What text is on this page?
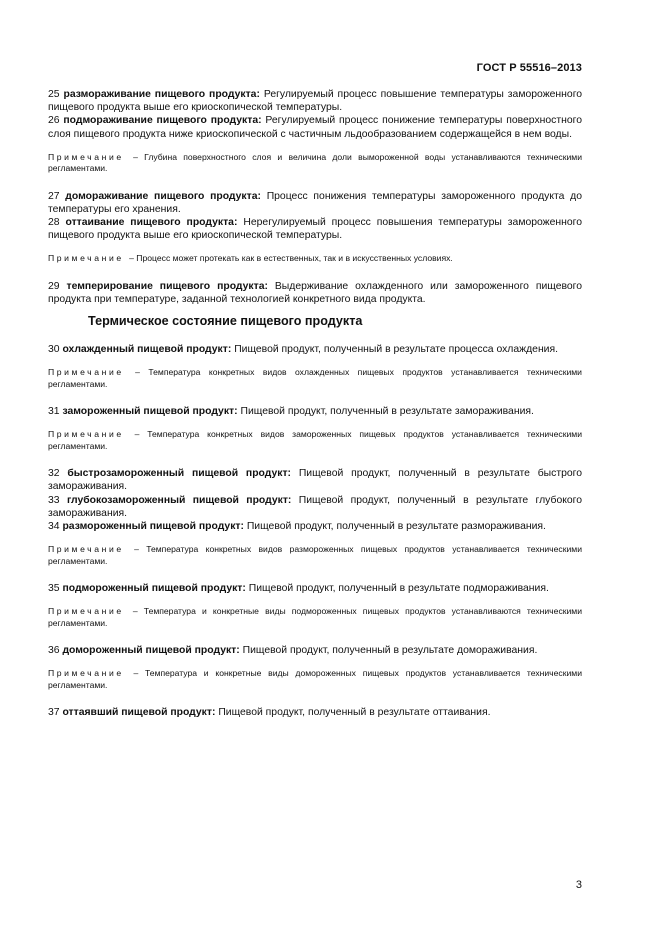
ГОСТ Р 55516–2013

25 размораживание пищевого продукта: Регулируемый процесс повышение температуры замороженного пищевого продукта выше его криоскопической температуры.

26 подмораживание пищевого продукта: Регулируемый процесс понижение температуры поверхностного слоя пищевого продукта ниже криоскопической с частичным льдообразованием содержащейся в нем воды.

Примечание – Глубина поверхностного слоя и величина доли вымороженной воды устанавливаются техническими регламентами.

27 доморaживание пищевого продукта: Процесс понижения температуры замороженного продукта до температуры его хранения.

28 оттаивание пищевого продукта: Нерегулируемый процесс повышения температуры замороженного пищевого продукта выше его криоскопической температуры.

Примечание – Процесс может протекать как в естественных, так и в искусственных условиях.

29 темперирование пищевого продукта: Выдерживание охлажденного или замороженного пищевого продукта при температуре, заданной технологией конкретного вида продукта.

Термическое состояние пищевого продукта

30 охлажденный пищевой продукт: Пищевой продукт, полученный в результате процесса охлаждения.

Примечание – Температура конкретных видов охлажденных пищевых продуктов устанавливается техническими регламентами.

31 замороженный пищевой продукт: Пищевой продукт, полученный в результате замораживания.

Примечание – Температура конкретных видов замороженных пищевых продуктов устанавливается техническими регламентами.

32 быстрозамороженный пищевой продукт: Пищевой продукт, полученный в результате быстрого замораживания.

33 глубокозамороженный пищевой продукт: Пищевой продукт, полученный в результате глубокого замораживания.

34 размороженный пищевой продукт: Пищевой продукт, полученный в результате размораживания.

Примечание – Температура конкретных видов размороженных пищевых продуктов устанавливается техническими регламентами.

35 подмороженный пищевой продукт: Пищевой продукт, полученный в результате подмораживания.

Примечание – Температура и конкретные виды подмороженных пищевых продуктов устанавливаются техническими регламентами.

36 доморoженный пищевой продукт: Пищевой продукт, полученный в результате доморaживания.

Примечание – Температура и конкретные виды доморoженных пищевых продуктов устанавливается техническими регламентами.

37 оттаявший пищевой продукт: Пищевой продукт, полученный в результате оттаивания.

3
